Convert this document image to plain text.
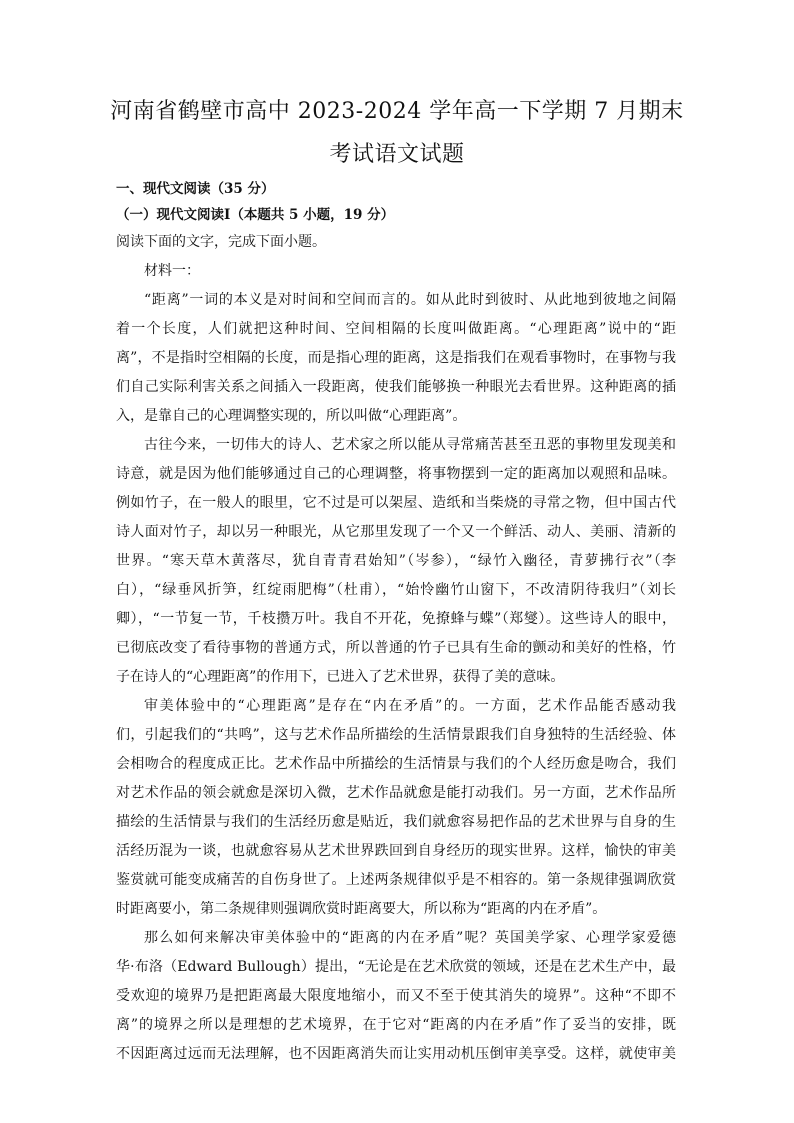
河南省鹤壁市高中 2023-2024 学年高一下学期 7 月期末
考试语文试题
一、现代文阅读（35 分）
（一）现代文阅读Ⅰ（本题共 5 小题，19 分）
阅读下面的文字，完成下面小题。
材料一：
“距离”一词的本义是对时间和空间而言的。如从此时到彼时、从此地到彼地之间隔
着一个长度，人们就把这种时间、空间相隔的长度叫做距离。“心理距离”说中的“距
离”，不是指时空相隔的长度，而是指心理的距离，这是指我们在观看事物时，在事物与我
们自己实际利害关系之间插入一段距离，使我们能够换一种眼光去看世界。这种距离的插
入，是靠自己的心理调整实现的，所以叫做“心理距离”。
古往今来，一切伟大的诗人、艺术家之所以能从寻常痛苦甚至丑恶的事物里发现美和
诗意，就是因为他们能够通过自己的心理调整，将事物摆到一定的距离加以观照和品味。
例如竹子，在一般人的眼里，它不过是可以架屋、造纸和当柴烧的寻常之物，但中国古代
诗人面对竹子，却以另一种眼光，从它那里发现了一个又一个鲜活、动人、美丽、清新的
世界。“寒天草木黄落尽，犹自青青君始知”（岑参），“绿竹入幽径，青萝拂行衣”（李
白），“绿垂风折笋，红绽雨肥梅”（杜甫），“始怜幽竹山窗下，不改清阴待我归”（刘长
卿），“一节复一节，千枝攒万叶。我自不开花，免撩蜂与蝶”（郑燮）。这些诗人的眼中，
已彻底改变了看待事物的普通方式，所以普通的竹子已具有生命的颤动和美好的性格，竹
子在诗人的“心理距离”的作用下，已进入了艺术世界，获得了美的意味。
审美体验中的“心理距离”是存在“内在矛盾”的。一方面，艺术作品能否感动我
们，引起我们的“共鸣”，这与艺术作品所描绘的生活情景跟我们自身独特的生活经验、体
会相吻合的程度成正比。艺术作品中所描绘的生活情景与我们的个人经历愈是吻合，我们
对艺术作品的领会就愈是深切入微，艺术作品就愈是能打动我们。另一方面，艺术作品所
描绘的生活情景与我们的生活经历愈是贴近，我们就愈容易把作品的艺术世界与自身的生
活经历混为一谈，也就愈容易从艺术世界跌回到自身经历的现实世界。这样，愉快的审美
鉴赏就可能变成痛苦的自伤身世了。上述两条规律似乎是不相容的。第一条规律强调欣赏
时距离要小，第二条规律则强调欣赏时距离要大，所以称为“距离的内在矛盾”。
那么如何来解决审美体验中的“距离的内在矛盾”呢？英国美学家、心理学家爱德
华·布洛（Edward Bullough）提出，“无论是在艺术欣赏的领域，还是在艺术生产中，最
受欢迎的境界乃是把距离最大限度地缩小，而又不至于使其消失的境界”。这种“不即不
离”的境界之所以是理想的艺术境界，在于它对“距离的内在矛盾”作了妥当的安排，既
不因距离过远而无法理解，也不因距离消失而让实用动机压倒审美享受。这样，就使审美
